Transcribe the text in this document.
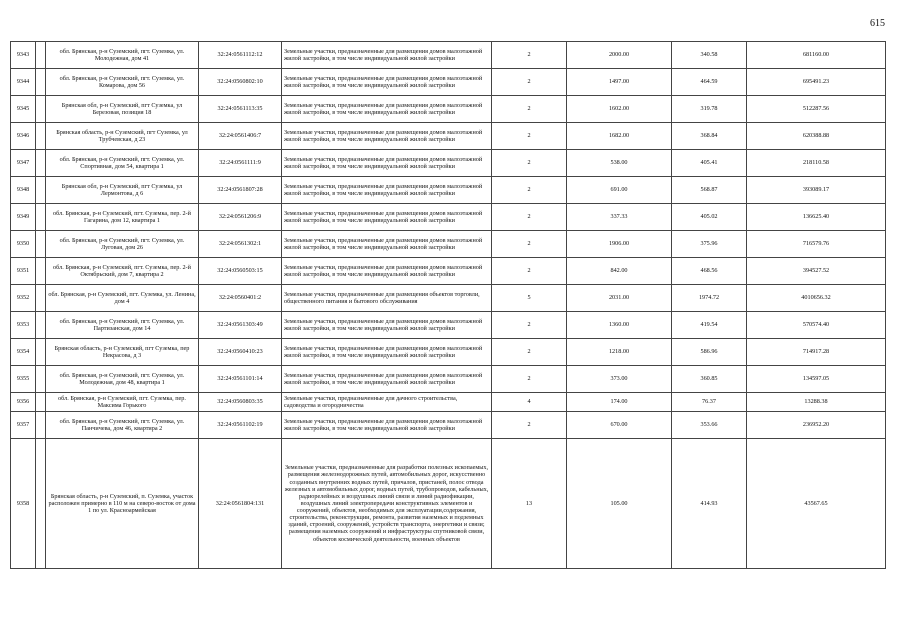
615
9343		обл. Брянская, р-н Суземский, пгт. Суземка, ул. Молодежная, дом 41	32:24:0561112:12	Земельные участки, предназначенные для размещения домов малоэтажной жилой застройки, в том числе индивидуальной жилой застройки	2	2000.00	340.58	681160.00
9344		обл. Брянская, р-н Суземский, пгт. Суземка, ул. Комарова, дом 56	32:24:0560802:10	Земельные участки, предназначенные для размещения домов малоэтажной жилой застройки, в том числе индивидуальной жилой застройки	2	1497.00	464.59	695491.23
9345		Брянская обл, р-н Суземский, пгт Суземка, ул Березовая, позиция 18	32:24:0561113:35	Земельные участки, предназначенные для размещения домов малоэтажной жилой застройки, в том числе индивидуальной жилой застройки	2	1602.00	319.78	512287.56
9346		Брянская область, р-н Суземский, пгт Суземка, ул Трубчевская, д 23	32:24:0561406:7	Земельные участки, предназначенные для размещения домов малоэтажной жилой застройки, в том числе индивидуальной жилой застройки	2	1682.00	368.84	620388.88
9347		обл. Брянская, р-н Суземский, пгт. Суземка, ул. Спортивная, дом 54, квартира 1	32:24:0561111:9	Земельные участки, предназначенные для размещения домов малоэтажной жилой застройки, в том числе индивидуальной жилой застройки	2	538.00	405.41	218110.58
9348		Брянская обл, р-н Суземский, пгт Суземка, ул Лермонтова, д 6	32:24:0561807:28	Земельные участки, предназначенные для размещения домов малоэтажной жилой застройки, в том числе индивидуальной жилой застройки	2	691.00	568.87	393089.17
9349		обл. Брянская, р-н Суземский, пгт. Суземка, пер. 2-й Гагарина, дом 12, квартира 1	32:24:0561206:9	Земельные участки, предназначенные для размещения домов малоэтажной жилой застройки, в том числе индивидуальной жилой застройки	2	337.33	405.02	136625.40
9350		обл. Брянская, р-н Суземский, пгт. Суземка, ул. Луговая, дом 26	32:24:0561302:1	Земельные участки, предназначенные для размещения домов малоэтажной жилой застройки, в том числе индивидуальной жилой застройки	2	1906.00	375.96	716579.76
9351		обл. Брянская, р-н Суземский, пгт. Суземка, пер. 2-й Октябрьский, дом 7, квартира 2	32:24:0560503:15	Земельные участки, предназначенные для размещения домов малоэтажной жилой застройки, в том числе индивидуальной жилой застройки	2	842.00	468.56	394527.52
9352		обл. Брянская, р-н Суземский, пгт. Суземка, ул. Ленина, дом 4	32:24:0560401:2	Земельные участки, предназначенные для размещения объектов торговли, общественного питания и бытового обслуживания	5	2031.00	1974.72	4010656.32
9353		обл. Брянская, р-н Суземский, пгт. Суземка, ул. Партизанская, дом 14	32:24:0561303:49	Земельные участки, предназначенные для размещения домов малоэтажной жилой застройки, в том числе индивидуальной жилой застройки	2	1360.00	419.54	570574.40
9354		Брянская область, р-н Суземский, пгт Суземка, пер Некрасова, д 3	32:24:0560410:23	Земельные участки, предназначенные для размещения домов малоэтажной жилой застройки, в том числе индивидуальной жилой застройки	2	1218.00	586.96	714917.28
9355		обл. Брянская, р-н Суземский, пгт. Суземка, ул. Молодежная, дом 48, квартира 1	32:24:0561101:14	Земельные участки, предназначенные для размещения домов малоэтажной жилой застройки, в том числе индивидуальной жилой застройки	2	373.00	360.85	134597.05
9356		обл. Брянская, р-н Суземский, пгт. Суземка, пер. Максима Горького	32:24:0560803:35	Земельные участки, предназначенные для дачного строительства, садоводства и огородничества	4	174.00	76.37	13288.38
9357		обл. Брянская, р-н Суземский, пгт. Суземка, ул. Панчичева, дом 46, квартира 2	32:24:0561102:19	Земельные участки, предназначенные для размещения домов малоэтажной жилой застройки, в том числе индивидуальной жилой застройки	2	670.00	353.66	236952.20
9358		Брянская область, р-н Суземский, п. Суземка, участок расположен примерно в 110 м на северо-восток от дома 1 по ул. Красноармейская	32:24:0561804:131	Земельные участки, предназначенные для разработки полезных ископаемых, размещения железнодорожных путей, автомобильных дорог, искусственно созданных внутренних водных путей, причалов, пристаней, полос отвода железных и автомобильных дорог, водных путей, трубопроводов, кабельных, радиорелейных и воздушных линий связи и линий радиофикации, воздушных линий электропередачи конструктивных элементов и сооружений, объектов, необходимых для эксплуатации,содержания, строительства, реконструкции, ремонта, развития наземных и подземных зданий, строений, сооружений, устройств транспорта, энергетики и связи; размещения наземных сооружений и инфраструктуры спутниковой связи, объектов космической деятельности, военных объектов	13	105.00	414.93	43567.65
